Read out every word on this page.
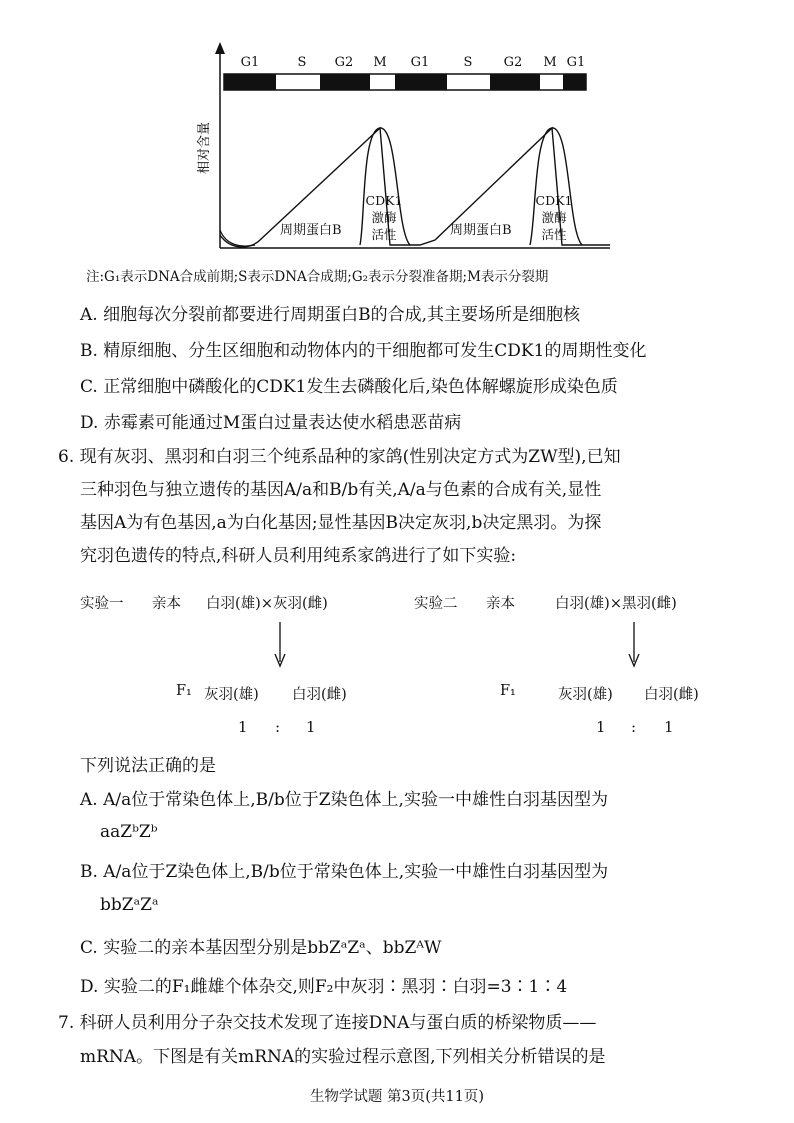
G1	S G2 M G1	S G2 M G1
相对含量
周期蛋白B	周期蛋白B
CDK1
激酶
活性
CDK1
激酶
活性
注:G₁表示DNA合成前期;S表示DNA合成期;G₂表示分裂准备期;M表示分裂期
A. 细胞每次分裂前都要进行周期蛋白B的合成,其主要场所是细胞核
B. 精原细胞、分生区细胞和动物体内的干细胞都可发生CDK1的周期性变化
C. 正常细胞中磷酸化的CDK1发生去磷酸化后,染色体解螺旋形成染色质
D. 赤霉素可能通过M蛋白过量表达使水稻患恶苗病
6. 现有灰羽、黑羽和白羽三个纯系品种的家鸽(性别决定方式为ZW型),已知
三种羽色与独立遗传的基因A/a和B/b有关,A/a与色素的合成有关,显性
基因A为有色基因,a为白化基因;显性基因B决定灰羽,b决定黑羽。为探
究羽色遗传的特点,科研人员利用纯系家鸽进行了如下实验:
实验一 亲本 白羽(雄)×灰羽(雌)
F₁ 灰羽(雄) 白羽(雌)
1 : 1
实验二 亲本	白羽(雄)×黑羽(雌)
F₁	灰羽(雄) 白羽(雌)
1 : 1
下列说法正确的是
A. A/a位于常染色体上,B/b位于Z染色体上,实验一中雄性白羽基因型为
aaZᵇZᵇ
B. A/a位于Z染色体上,B/b位于常染色体上,实验一中雄性白羽基因型为
bbZᵃZᵃ
C. 实验二的亲本基因型分别是bbZᵃZᵃ、bbZᴬW
D. 实验二的F₁雌雄个体杂交,则F₂中灰羽∶黑羽∶白羽=3∶1∶4
7. 科研人员利用分子杂交技术发现了连接DNA与蛋白质的桥梁物质——
mRNA。下图是有关mRNA的实验过程示意图,下列相关分析错误的是
生物学试题 第3页(共11页)
